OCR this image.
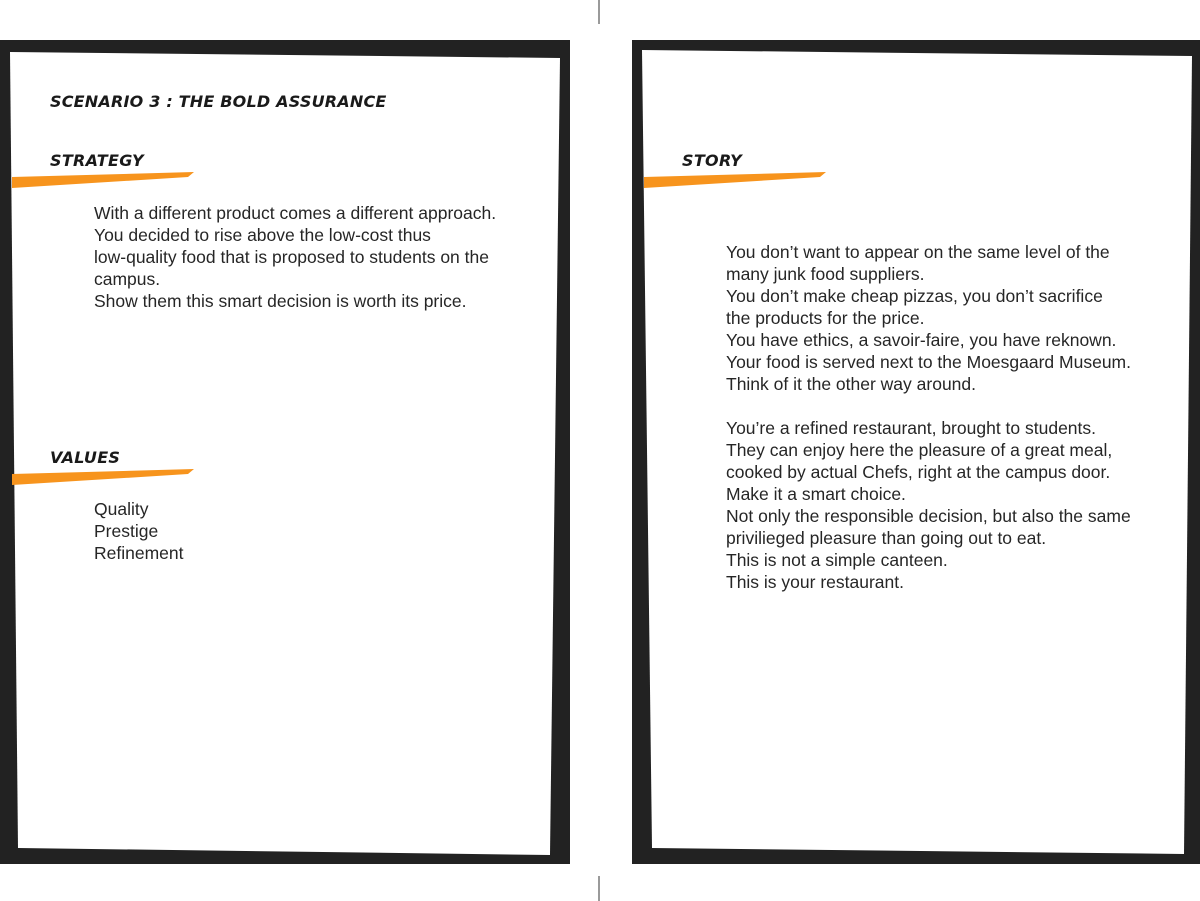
SCENARIO 3 : THE BOLD ASSURANCE
STRATEGY

With a different product comes a different approach.

You decided to rise above the low-cost thus

low-quality food that is proposed to students on the

campus.

Show them this smart decision is worth its price.

VALUES
Quality
Prestige
Refinement
STORY

You don’t want to appear on the same level of the

many junk food suppliers.

You don’t make cheap pizzas, you don’t sacrifice

the products for the price.

You have ethics, a savoir-faire, you have reknown.

Your food is served next to the Moesgaard Museum.

Think of it the other way around.

You’re a refined restaurant, brought to students.

They can enjoy here the pleasure of a great meal,

cooked by actual Chefs, right at the campus door.

Make it a smart choice.

Not only the responsible decision, but also the same

privilieged pleasure than going out to eat.

This is not a simple canteen.

This is your restaurant.
